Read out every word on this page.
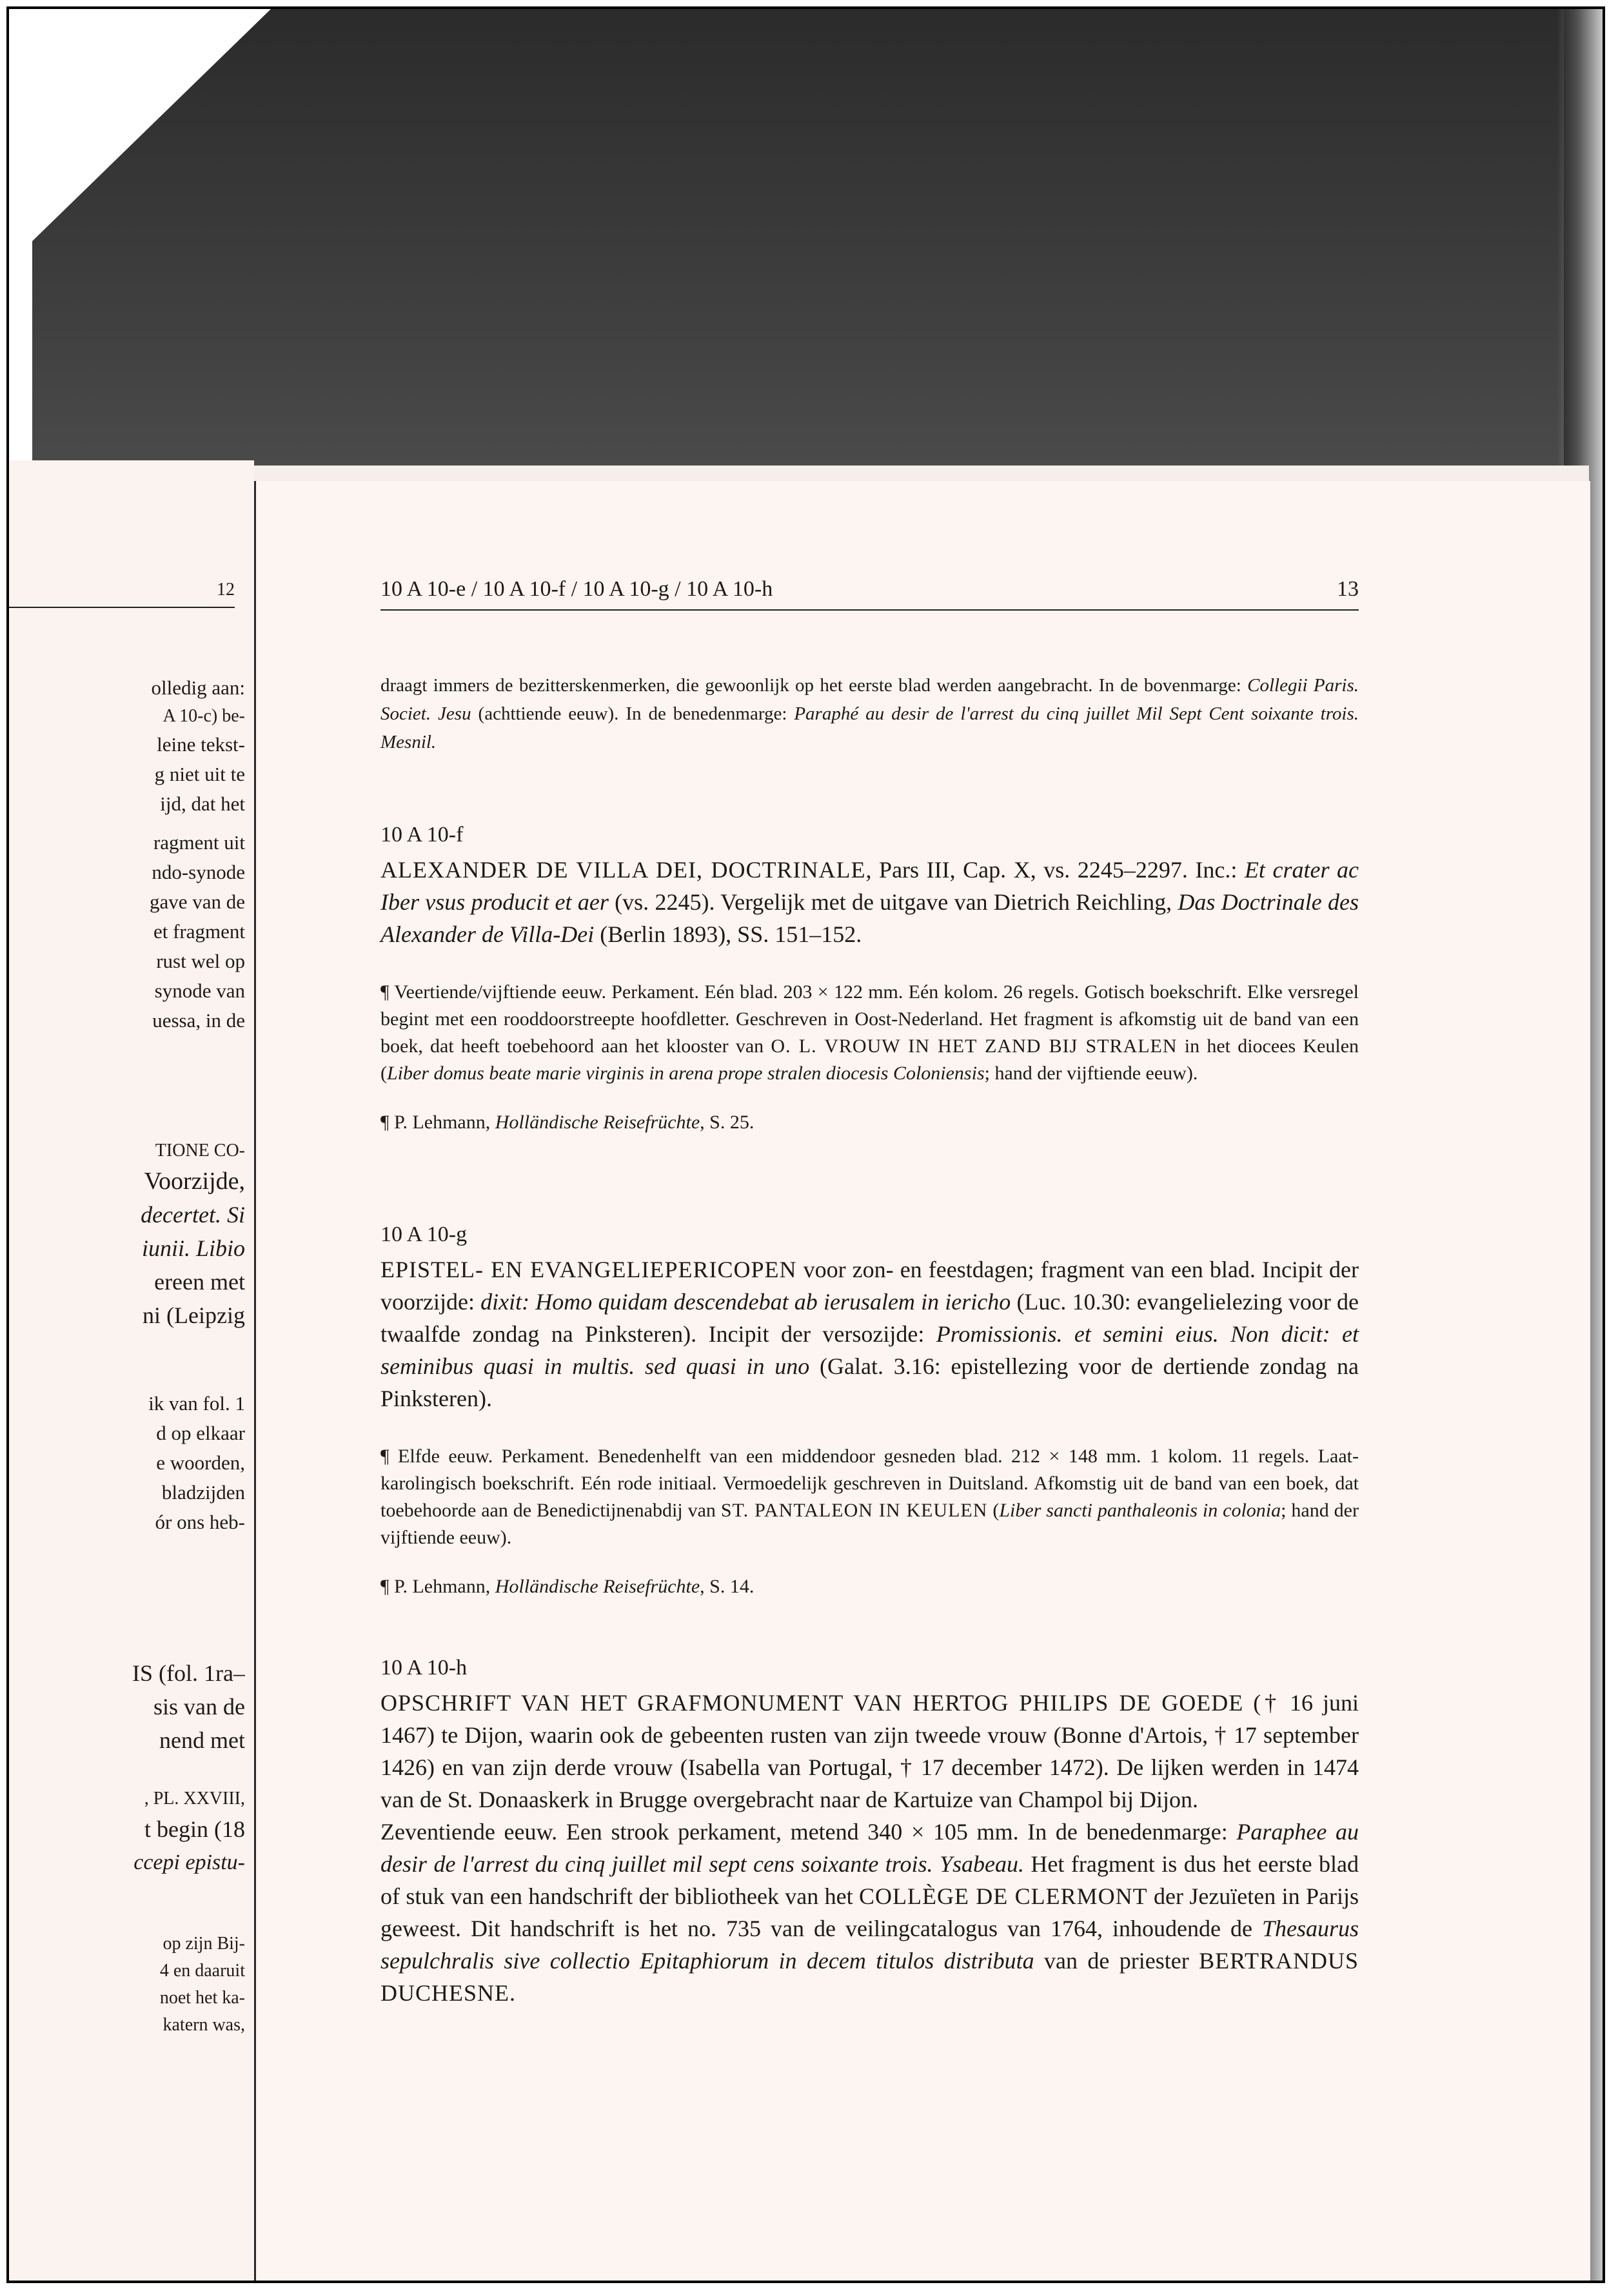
12
olledig aan:
A 10-c) be-
leine tekst-
g niet uit te
ijd, dat het
ragment uit
ndo-synode
gave van de
et fragment
rust wel op
synode van
uessa, in de
TIONE CO-
Voorzijde,
decertet. Si
iunii. Libio
ereen met
ni (Leipzig
ik van fol. 1
d op elkaar
e woorden,
bladzijden
ór ons heb-
IS (fol. 1ra–
sis van de
nend met
, PL. XXVIII,
t begin (18
ccepi epistu-
op zijn Bij-
4 en daaruit
noet het ka-
katern was,
10 A 10-e / 10 A 10-f / 10 A 10-g / 10 A 10-h	13

draagt immers de bezitterskenmerken, die gewoonlijk op het eerste blad werden aangebracht. In de bovenmarge: Collegii Paris. Societ. Jesu (achttiende eeuw). In de benedenmarge: Paraphé au desir de l'arrest du cinq juillet Mil Sept Cent soixante trois. Mesnil.

10 A 10-f

ALEXANDER DE VILLA DEI, DOCTRINALE, Pars III, Cap. X, vs. 2245–2297. Inc.: Et crater ac Iber vsus producit et aer (vs. 2245). Vergelijk met de uitgave van Dietrich Reichling, Das Doctrinale des Alexander de Villa-Dei (Berlin 1893), SS. 151–152.

¶ Veertiende/vijftiende eeuw. Perkament. Eén blad. 203 × 122 mm. Eén kolom. 26 regels. Gotisch boekschrift. Elke versregel begint met een rooddoorstreepte hoofdletter. Geschreven in Oost-Nederland. Het fragment is afkomstig uit de band van een boek, dat heeft toebehoord aan het klooster van O. L. VROUW IN HET ZAND BIJ STRALEN in het diocees Keulen (Liber domus beate marie virginis in arena prope stralen diocesis Coloniensis; hand der vijftiende eeuw).

¶ P. Lehmann, Holländische Reisefrüchte, S. 25.

10 A 10-g

EPISTEL- EN EVANGELIEPERICOPEN voor zon- en feestdagen; fragment van een blad. Incipit der voorzijde: dixit: Homo quidam descendebat ab ierusalem in iericho (Luc. 10.30: evangelielezing voor de twaalfde zondag na Pinksteren). Incipit der versozijde: Promissionis. et semini eius. Non dicit: et seminibus quasi in multis. sed quasi in uno (Galat. 3.16: epistellezing voor de dertiende zondag na Pinksteren).

¶ Elfde eeuw. Perkament. Benedenhelft van een middendoor gesneden blad. 212 × 148 mm. 1 kolom. 11 regels. Laat-karolingisch boekschrift. Eén rode initiaal. Vermoedelijk geschreven in Duitsland. Afkomstig uit de band van een boek, dat toebehoorde aan de Benedictijnenabdij van ST. PANTALEON IN KEULEN (Liber sancti panthaleonis in colonia; hand der vijftiende eeuw).

¶ P. Lehmann, Holländische Reisefrüchte, S. 14.

10 A 10-h

OPSCHRIFT VAN HET GRAFMONUMENT VAN HERTOG PHILIPS DE GOEDE († 16 juni 1467) te Dijon, waarin ook de gebeenten rusten van zijn tweede vrouw (Bonne d'Artois, † 17 september 1426) en van zijn derde vrouw (Isabella van Portugal, † 17 december 1472). De lijken werden in 1474 van de St. Donaaskerk in Brugge overgebracht naar de Kartuize van Champol bij Dijon.

Zeventiende eeuw. Een strook perkament, metend 340 × 105 mm. In de benedenmarge: Paraphee au desir de l'arrest du cinq juillet mil sept cens soixante trois. Ysabeau. Het fragment is dus het eerste blad of stuk van een handschrift der bibliotheek van het COLLÈGE DE CLERMONT der Jezuïeten in Parijs geweest. Dit handschrift is het no. 735 van de veilingcatalogus van 1764, inhoudende de Thesaurus sepulchralis sive collectio Epitaphiorum in decem titulos distributa van de priester BERTRANDUS DUCHESNE.
